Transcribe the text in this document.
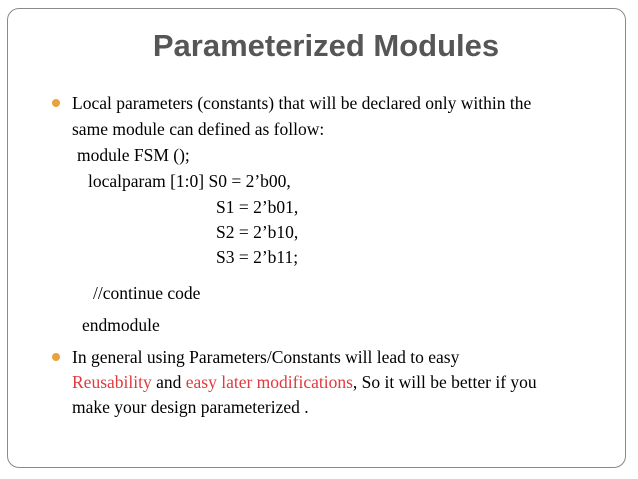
Parameterized Modules
Local parameters (constants) that will be declared only within the
same module can defined as follow:
module FSM ();
localparam [1:0] S0 = 2’b00,
S1 = 2’b01,
S2 = 2’b10,
S3 = 2’b11;
//continue code
endmodule
In general using Parameters/Constants will lead to easy
Reusability and easy later modifications, So it will be better if you
make your design parameterized .
